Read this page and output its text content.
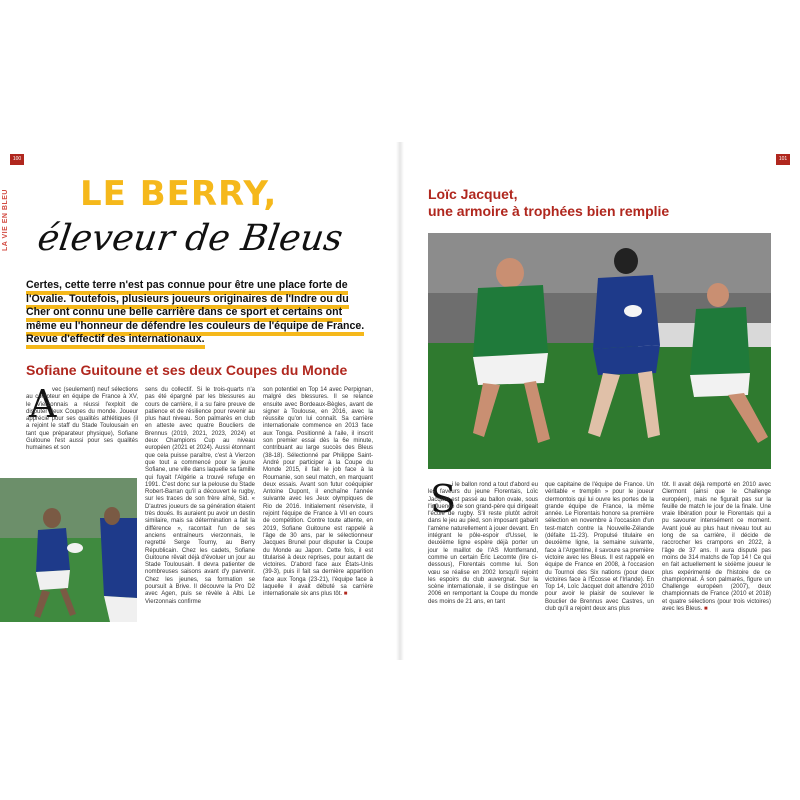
100
LA VIE EN BLEU LE BERRY,
éleveur de Bleus
Certes, cette terre n'est pas connue pour être une place forte de l'Ovalie. Toutefois, plusieurs joueurs originaires de l'Indre ou du Cher ont connu une belle carrière dans ce sport et certains ont même eu l'honneur de défendre les couleurs de l'équipe de France. Revue d'effectif des internationaux.
Sofiane Guitoune et ses deux Coupes du Monde
A
vec (seulement) neuf sélections au compteur en équipe de France à XV, le Vierzonnais a réussi l'exploit de disputer deux Coupes du monde. Joueur apprécié pour ses qualités athlétiques (il a rejoint le staff du Stade Toulousain en tant que préparateur physique), Sofiane Guitoune l'est aussi pour ses qualités humaines et son
sens du collectif. Si le trois-quarts n'a pas été épargné par les blessures au cours de carrière, il a su faire preuve de patience et de résilience pour revenir au plus haut niveau. Son palmarès en club en atteste avec quatre Boucliers de Brennus (2019, 2021, 2023, 2024) et deux Champions Cup au niveau européen (2021 et 2024). Aussi étonnant que cela puisse paraître, c'est à Vierzon que tout a commencé pour le jeune Sofiane, une ville dans laquelle sa famille qui fuyait l'Algérie a trouvé refuge en 1991. C'est donc sur la pelouse du Stade Robert-Barran qu'il a découvert le rugby, sur les traces de son frère aîné, Sid. « D'autres joueurs de sa génération étaient très doués. Ils auraient pu avoir un destin similaire, mais sa détermination a fait la différence », racontait l'un de ses anciens entraîneurs vierzonnais, le regretté Serge Tourny, au Berry Républicain. Chez les cadets, Sofiane Guitoune rêvait déjà d'évoluer un jour au Stade Toulousain. Il devra patienter de nombreuses saisons avant d'y parvenir. Chez les jeunes, sa formation se poursuit à Brive. Il découvre la Pro D2 avec Agen, puis se révèle à Albi. Le Vierzonnais confirme
son potentiel en Top 14 avec Perpignan, malgré des blessures. Il se relance ensuite avec Bordeaux-Bègles, avant de signer à Toulouse, en 2016, avec la réussite qu'on lui connaît. Sa carrière internationale commence en 2013 face aux Tonga. Positionné à l'aile, il inscrit son premier essai dès la 6e minute, contribuant au large succès des Bleus (38-18). Sélectionné par Philippe Saint-André pour participer à la Coupe du Monde 2015, il fait le job face à la Roumanie, son seul match, en marquant deux essais. Avant son futur coéquipier Antoine Dupont, il enchaîne l'année suivante avec les Jeux olympiques de Rio de 2016. Initialement réserviste, il rejoint l'équipe de France à VII en cours de compétition. Contre toute attente, en 2019, Sofiane Guitoune est rappelé à l'âge de 30 ans, par le sélectionneur Jacques Brunel pour disputer la Coupe du Monde au Japon. Cette fois, il est titularisé à deux reprises, pour autant de victoires. D'abord face aux États-Unis (39-3), puis il fait sa dernière apparition face aux Tonga (23-21), l'équipe face à laquelle il avait débuté sa carrière internationale six ans plus tôt. ■
101
Loïc Jacquet,
une armoire à trophées bien remplie
S
i le ballon rond a tout d'abord eu les faveurs du jeune Florentais, Loïc Jacquet est passé au ballon ovale, sous l'influence de son grand-père qui dirigeait l'école de rugby. S'il reste plutôt adroit dans le jeu au pied, son imposant gabarit l'amène naturellement à jouer devant. En intégrant le pôle-espoir d'Ussel, le deuxième ligne espère déjà porter un jour le maillot de l'AS Montferrand, comme un certain Éric Lecomte (lire ci-dessous), Florentais comme lui. Son vœu se réalise en 2002 lorsqu'il rejoint les espoirs du club auvergnat. Sur la scène internationale, il se distingue en 2006 en remportant la Coupe du monde des moins de 21 ans, en tant
que capitaine de l'équipe de France. Un véritable « tremplin » pour le joueur clermontois qui lui ouvre les portes de la grande équipe de France, la même année. Le Florentais honore sa première sélection en novembre à l'occasion d'un test-match contre la Nouvelle-Zélande (défaite 11-23). Propulsé titulaire en deuxième ligne, la semaine suivante, face à l'Argentine, il savoure sa première victoire avec les Bleus. Il est rappelé en équipe de France en 2008, à l'occasion du Tournoi des Six nations (pour deux victoires face à l'Écosse et l'Irlande). En Top 14, Loïc Jacquet doit attendre 2010 pour avoir le plaisir de soulever le Bouclier de Brennus avec Castres, un club qu'il a rejoint deux ans plus
tôt. Il avait déjà remporté en 2010 avec Clermont (ainsi que le Challenge européen), mais ne figurait pas sur la feuille de match le jour de la finale. Une vraie libération pour le Florentais qui a pu savourer intensément ce moment. Avant joué au plus haut niveau tout au long de sa carrière, il décide de raccrocher les crampons en 2022, à l'âge de 37 ans. Il aura disputé pas moins de 314 matchs de Top 14 ! Ce qui en fait actuellement le sixième joueur le plus expérimenté de l'histoire de ce championnat. À son palmarès, figure un Challenge européen (2007), deux championnats de France (2010 et 2018) et quatre sélections (pour trois victoires) avec les Bleus. ■
